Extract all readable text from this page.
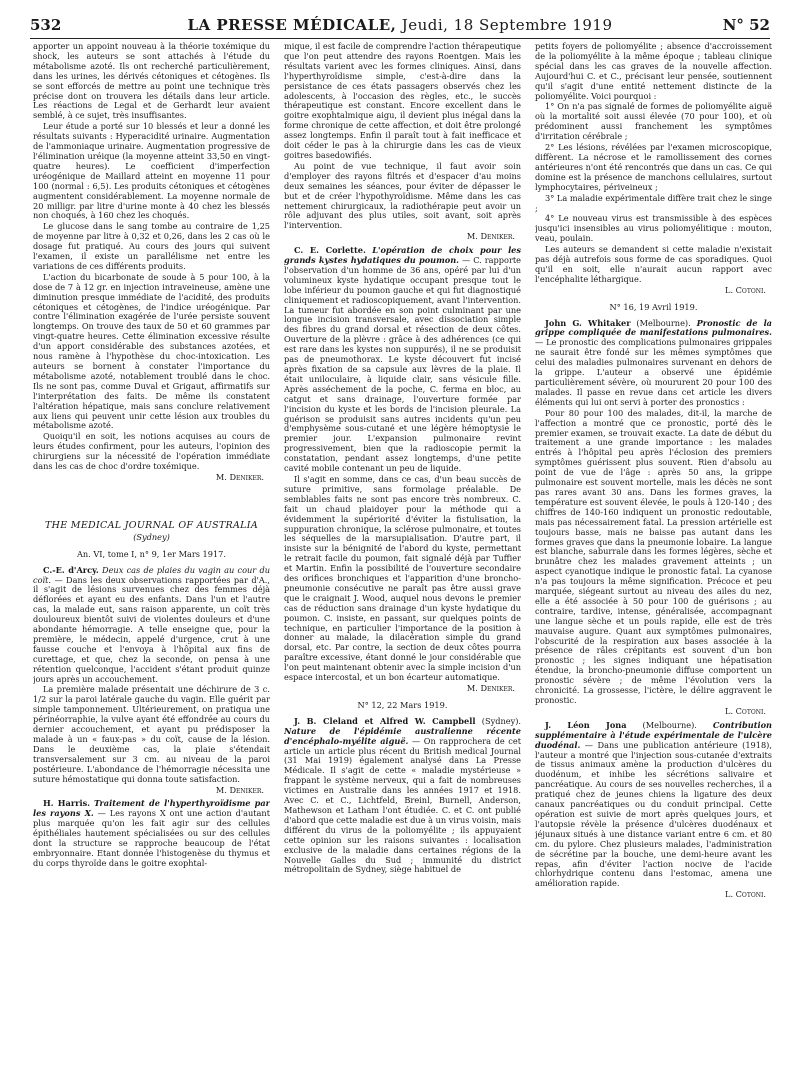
532	LA PRESSE MÉDICALE, Jeudi, 18 Septembre 1919	N° 52

apporter un appoint nouveau à la théorie toxémique du shock, les auteurs se sont attachés à l'étude du métabolisme azoté. Ils ont recherché particulièrement, dans les urines, les dérivés cétoniques et cétogènes. Ils se sont efforcés de mettre au point une technique très précise dont on trouvera les détails dans leur article. Les réactions de Legal et de Gerhardt leur avaient semblé, à ce sujet, très insuffisantes.

Leur étude a porté sur 10 blessés et leur a donné les résultats suivants : Hyperacidité urinaire. Augmentation de l'ammoniaque urinaire. Augmentation progressive de l'élimination uréique (la moyenne atteint 33,50 en vingt-quatre heures). Le coefficient d'imperfection uréogénique de Maillard atteint en moyenne 11 pour 100 (normal : 6,5). Les produits cétoniques et cétogènes augmentent considérablement. La moyenne normale de 20 milligr. par litre d'urine monte à 40 chez les blessés non choqués, à 160 chez les choqués.

Le glucose dans le sang tombe au contraire de 1,25 de moyenne par litre à 0,32 et 0,26, dans les 2 cas où le dosage fut pratiqué. Au cours des jours qui suivent l'examen, il existe un parallélisme net entre les variations de ces différents produits.

L'action du bicarbonate de soude à 5 pour 100, à la dose de 7 à 12 gr. en injection intraveineuse, amène une diminution presque immédiate de l'acidité, des produits cétoniques et cétogènes, de l'indice uréogénique. Par contre l'élimination exagérée de l'urée persiste souvent longtemps. On trouve des taux de 50 et 60 grammes par vingt-quatre heures. Cette élimination excessive résulte d'un apport considérable des substances azotées, et nous ramène à l'hypothèse du choc-intoxication. Les auteurs se bornent à constater l'importance du métabolisme azoté, notablement troublé dans le choc. Ils ne sont pas, comme Duval et Grigaut, affirmatifs sur l'interprétation des faits. De même ils constatent l'altération hépatique, mais sans conclure relativement aux liens qui peuvent unir cette lésion aux troubles du métabolisme azoté.

Quoiqu'il en soit, les notions acquises au cours de leurs études confirment, pour les auteurs, l'opinion des chirurgiens sur la nécessité de l'opération immédiate dans les cas de choc d'ordre toxémique.

M. Deniker.
THE MEDICAL JOURNAL OF AUSTRALIA
(Sydney)
An. VI, tome I, n° 9, 1er Mars 1917.

C.-E. d'Arcy. Deux cas de plaies du vagin au cour du coït. — Dans les deux observations rapportées par d'A., il s'agit de lésions survenues chez des femmes déjà déflorées et ayant eu des enfants. Dans l'un et l'autre cas, la malade eut, sans raison apparente, un coït très douloureux bientôt suivi de violentes douleurs et d'une abondante hémorragie. A telle enseigne que, pour la première, le médecin, appelé d'urgence, crut à une fausse couche et l'envoya à l'hôpital aux fins de curettage, et que, chez la seconde, on pensa à une rétention quelconque, l'accident s'étant produit quinze jours après un accouchement.

La première malade présentait une déchirure de 3 c. 1/2 sur la paroi latérale gauche du vagin. Elle guérit par simple tamponnement. Ultérieurement, on pratiqua une périnéorraphie, la vulve ayant été effondrée au cours du dernier accouchement, et ayant pu prédisposer la malade à un « faux-pas » du coït, cause de la lésion. Dans le deuxième cas, la plaie s'étendait transversalement sur 3 cm. au niveau de la paroi postérieure. L'abondance de l'hémorragie nécessita une suture hémostatique qui donna toute satisfaction.

M. Deniker.

H. Harris. Traitement de l'hyperthyroïdisme par les rayons X. — Les rayons X ont une action d'autant plus marquée qu'on les fait agir sur des cellules épithéliales hautement spécialisées ou sur des cellules dont la structure se rapproche beaucoup de l'état embryonnaire. Etant donnée l'histogenèse du thymus et du corps thyroïde dans le goitre exophtal-

mique, il est facile de comprendre l'action thérapeutique que l'on peut attendre des rayons Roentgen. Mais les résultats varient avec les formes cliniques. Ainsi, dans l'hyperthyroïdisme simple, c'est-à-dire dans la persistance de ces états passagers observés chez les adolescents, à l'occasion des règles, etc., le succès thérapeutique est constant. Encore excellent dans le goitre exophtalmique aigu, il devient plus inégal dans la forme chronique de cette affection, et doit être prolongé assez longtemps. Enfin il paraît tout à fait inefficace et doit céder le pas à la chirurgie dans les cas de vieux goitres basedowifiés.

Au point de vue technique, il faut avoir soin d'employer des rayons filtrés et d'espacer d'au moins deux semaines les séances, pour éviter de dépasser le but et de créer l'hypothyroïdisme. Même dans les cas nettement chirurgicaux, la radiothérapie peut avoir un rôle adjuvant des plus utiles, soit avant, soit après l'intervention.

M. Deniker.

C. E. Corlette. L'opération de choix pour les grands kystes hydatiques du poumon. — C. rapporte l'observation d'un homme de 36 ans, opéré par lui d'un volumineux kyste hydatique occupant presque tout le lobe inférieur du poumon gauche et qui fut diagnostiqué cliniquement et radioscopiquement, avant l'intervention. La tumeur fut abordée en son point culminant par une longue incision transversale, avec dissociation simple des fibres du grand dorsal et résection de deux côtes. Ouverture de la plèvre : grâce à des adhérences (ce qui est rare dans les kystes non suppurés), il ne se produisit pas de pneumothorax. Le kyste découvert fut incisé après fixation de sa capsule aux lèvres de la plaie. Il était uniloculaire, à liquide clair, sans vésicule fille. Après asséchement de la poche, C. ferma en bloc, au catgut et sans drainage, l'ouverture formée par l'incision du kyste et les bords de l'incision pleurale. La guérison se produisit sans autres incidents qu'un peu d'emphysème sous-cutané et une légère hémoptysie le premier jour. L'expansion pulmonaire revint progressivement, bien que la radioscopie permit la constatation, pendant assez longtemps, d'une petite cavité mobile contenant un peu de liquide.

Il s'agit en somme, dans ce cas, d'un beau succès de suture primitive, sans formolage préalable. De semblables faits ne sont pas encore très nombreux. C. fait un chaud plaidoyer pour la méthode qui a évidemment la supériorité d'éviter la fistulisation, la suppuration chronique, la sclérose pulmonaire, et toutes les séquelles de la marsupialisation. D'autre part, il insiste sur la bénignité de l'abord du kyste, permettant le retrait facile du poumon, fait signalé déjà par Tuffier et Martin. Enfin la possibilité de l'ouverture secondaire des orifices bronchiques et l'apparition d'une broncho-pneumonie consécutive ne paraît pas être aussi grave que le craignait J. Wood, auquel nous devons le premier cas de réduction sans drainage d'un kyste hydatique du poumon. C. insiste, en passant, sur quelques points de technique, en particulier l'importance de la position à donner au malade, la dilacération simple du grand dorsal, etc. Par contre, la section de deux côtes pourra paraître excessive, étant donné le jour considérable que l'on peut maintenant obtenir avec la simple incision d'un espace intercostal, et un bon écarteur automatique.

M. Deniker.
N° 12, 22 Mars 1919.

J. B. Cleland et Alfred W. Campbell (Sydney). Nature de l'épidémie australienne récente d'encéphalo-myélite aiguë. — On rapprochera de cet article un article plus récent du British medical Journal (31 Mai 1919) également analysé dans La Presse Médicale. Il s'agit de cette « maladie mystérieuse » frappant le système nerveux, qui a fait de nombreuses victimes en Australie dans les années 1917 et 1918. Avec C. et C., Lichtfeld, Breinl, Burnell, Anderson, Mathewson et Latham l'ont étudiée. C. et C. ont publié d'abord que cette maladie est due à un virus voisin, mais différent du virus de la poliomyélite ; ils appuyaient cette opinion sur les raisons suivantes : localisation exclusive de la maladie dans certaines régions de la Nouvelle Galles du Sud ; immunité du district métropolitain de Sydney, siège habituel de

petits foyers de poliomyélite ; absence d'accroissement de la poliomyélite à la même époque ; tableau clinique spécial dans les cas graves de la nouvelle affection. Aujourd'hui C. et C., précisant leur pensée, soutiennent qu'il s'agit d'une entité nettement distincte de la poliomyélite. Voici pourquoi :

1° On n'a pas signalé de formes de poliomyélite aiguë où la mortalité soit aussi élevée (70 pour 100), et où prédominent aussi franchement les symptômes d'irritation cérébrale ;

2° Les lésions, révélées par l'examen microscopique, diffèrent. La nécrose et le ramollissement des cornes antérieures n'ont été rencontrés que dans un cas. Ce qui domine est la présence de manchons cellulaires, surtout lymphocytaires, périveineux ;

3° La maladie expérimentale diffère trait chez le singe ;

4° Le nouveau virus est transmissible à des espèces jusqu'ici insensibles au virus poliomyélitique : mouton, veau, poulain.

Les auteurs se demandent si cette maladie n'existait pas déjà autrefois sous forme de cas sporadiques. Quoi qu'il en soit, elle n'aurait aucun rapport avec l'encéphalite léthargique.

L. Cotoni.
N° 16, 19 Avril 1919.

John G. Whitaker (Melbourne). Pronostic de la grippe compliquée de manifestations pulmonaires. — Le pronostic des complications pulmonaires grippales ne saurait être fondé sur les mêmes symptômes que celui des maladies pulmonaires survenant en dehors de la grippe. L'auteur a observé une épidémie particulièrement sévère, où moururent 20 pour 100 des malades. Il passe en revue dans cet article les divers éléments qui lui ont servi à porter des pronostics :

Pour 80 pour 100 des malades, dit-il, la marche de l'affection a montré que ce pronostic, porté dès le premier examen, se trouvait exacte. La date de début du traitement a une grande importance : les malades entrés à l'hôpital peu après l'éclosion des premiers symptômes guérissent plus souvent. Rien d'absolu au point de vue de l'âge : après 50 ans, la grippe pulmonaire est souvent mortelle, mais les décès ne sont pas rares avant 30 ans. Dans les formes graves, la température est souvent élevée, le pouls à 120-140 ; des chiffres de 140-160 indiquent un pronostic redoutable, mais pas nécessairement fatal. La pression artérielle est toujours basse, mais ne baisse pas autant dans les formes graves que dans la pneumonie lobaire. La langue est blanche, saburrale dans les formes légères, sèche et brunâtre chez les malades gravement atteints ; un aspect cyanotique indique le pronostic fatal. La cyanose n'a pas toujours la même signification. Précoce et peu marquée, siégeant surtout au niveau des ailes du nez, elle a été associée à 50 pour 100 de guérisons ; au contraire, tardive, intense, généralisée, accompagnant une langue sèche et un pouls rapide, elle est de très mauvaise augure. Quant aux symptômes pulmonaires, l'obscurité de la respiration aux bases associée à la présence de râles crépitants est souvent d'un bon pronostic ; les signes indiquant une hépatisation étendue, la broncho-pneumonie diffuse comportent un pronostic sévère ; de même l'évolution vers la chronicité. La grossesse, l'ictère, le délire aggravent le pronostic.

L. Cotoni.

J. Léon Jona (Melbourne). Contribution supplémentaire à l'étude expérimentale de l'ulcère duodénal. — Dans une publication antérieure (1918), l'auteur a montré que l'injection sous-cutanée d'extraits de tissus animaux amène la production d'ulcères du duodénum, et inhibe les sécrétions salivaire et pancréatique. Au cours de ses nouvelles recherches, il a pratiqué chez de jeunes chiens la ligature des deux canaux pancréatiques ou du conduit principal. Cette opération est suivie de mort après quelques jours, et l'autopsie révèle la présence d'ulcères duodénaux et jéjunaux situés à une distance variant entre 6 cm. et 80 cm. du pylore. Chez plusieurs malades, l'administration de sécrétine par la bouche, une demi-heure avant les repas, afin d'éviter l'action nocive de l'acide chlorhydrique contenu dans l'estomac, amena une amélioration rapide.

L. Cotoni.
